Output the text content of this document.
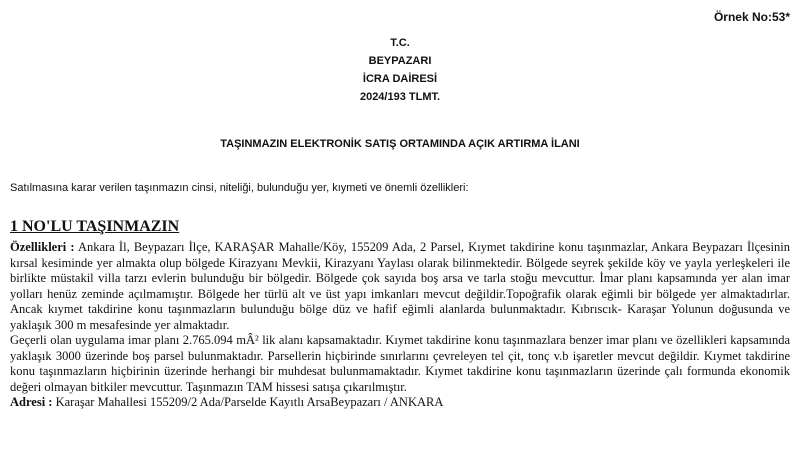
Örnek No:53*
T.C.
BEYPAZARI
İCRA DAİRESİ
2024/193 TLMT.
TAŞINMAZIN ELEKTRONİK SATIŞ ORTAMINDA AÇIK ARTIRMA İLANI
Satılmasına karar verilen taşınmazın cinsi, niteliği, bulunduğu yer, kıymeti ve önemli özellikleri:
1 NO'LU TAŞINMAZIN

Özellikleri : Ankara İl, Beypazarı İlçe, KARAŞAR Mahalle/Köy, 155209 Ada, 2 Parsel, Kıymet takdirine konu taşınmazlar, Ankara Beypazarı İlçesinin kırsal kesiminde yer almakta olup bölgede Kirazyanı Mevkii, Kirazyanı Yaylası olarak bilinmektedir. Bölgede seyrek şekilde köy ve yayla yerleşkeleri ile birlikte müstakil villa tarzı evlerin bulunduğu bir bölgedir. Bölgede çok sayıda boş arsa ve tarla stoğu mevcuttur. İmar planı kapsamında yer alan imar yolları henüz zeminde açılmamıştır. Bölgede her türlü alt ve üst yapı imkanları mevcut değildir.Topoğrafik olarak eğimli bir bölgede yer almaktadırlar. Ancak kıymet takdirine konu taşınmazların bulunduğu bölge düz ve hafif eğimli alanlarda bulunmaktadır. Kıbrıscık- Karaşar Yolunun doğusunda ve yaklaşık 300 m mesafesinde yer almaktadır.

Geçerli olan uygulama imar planı 2.765.094 mÂ² lik alanı kapsamaktadır. Kıymet takdirine konu taşınmazlara benzer imar planı ve özellikleri kapsamında yaklaşık 3000 üzerinde boş parsel bulunmaktadır. Parsellerin hiçbirinde sınırlarını çevreleyen tel çit, tonç v.b işaretler mevcut değildir. Kıymet takdirine konu taşınmazların hiçbirinin üzerinde herhangi bir muhdesat bulunmamaktadır. Kıymet takdirine konu taşınmazların üzerinde çalı formunda ekonomik değeri olmayan bitkiler mevcuttur. Taşınmazın TAM hissesi satışa çıkarılmıştır.

Adresi : Karaşar Mahallesi 155209/2 Ada/Parselde Kayıtlı ArsaBeypazarı / ANKARA
